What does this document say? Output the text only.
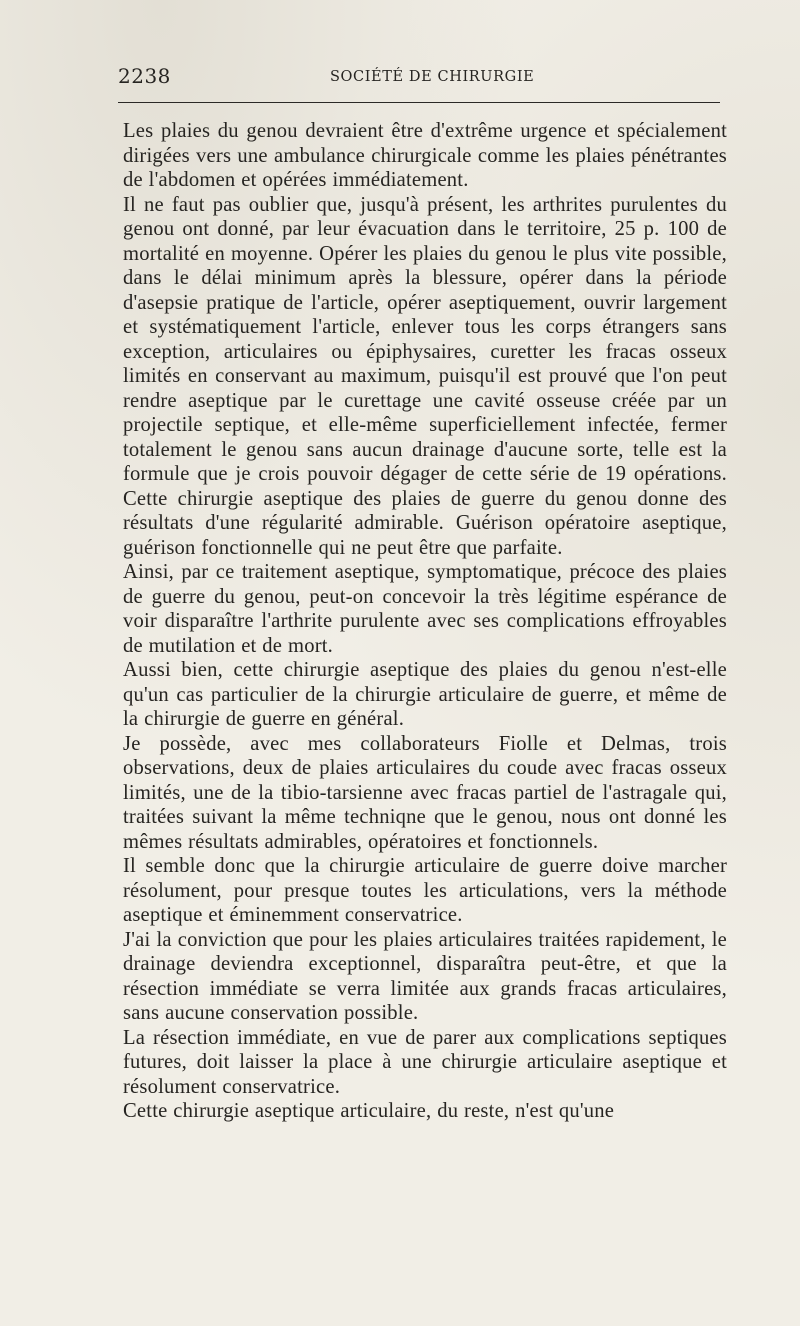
2238	SOCIÉTÉ DE CHIRURGIE

Les plaies du genou devraient être d'extrême urgence et spécialement dirigées vers une ambulance chirurgicale comme les plaies pénétrantes de l'abdomen et opérées immédiatement.

Il ne faut pas oublier que, jusqu'à présent, les arthrites purulentes du genou ont donné, par leur évacuation dans le territoire, 25 p. 100 de mortalité en moyenne. Opérer les plaies du genou le plus vite possible, dans le délai minimum après la blessure, opérer dans la période d'asepsie pratique de l'article, opérer aseptiquement, ouvrir largement et systématiquement l'article, enlever tous les corps étrangers sans exception, articulaires ou épiphysaires, curetter les fracas osseux limités en conservant au maximum, puisqu'il est prouvé que l'on peut rendre aseptique par le curettage une cavité osseuse créée par un projectile septique, et elle-même superficiellement infectée, fermer totalement le genou sans aucun drainage d'aucune sorte, telle est la formule que je crois pouvoir dégager de cette série de 19 opérations. Cette chirurgie aseptique des plaies de guerre du genou donne des résultats d'une régularité admirable. Guérison opératoire aseptique, guérison fonctionnelle qui ne peut être que parfaite.

Ainsi, par ce traitement aseptique, symptomatique, précoce des plaies de guerre du genou, peut-on concevoir la très légitime espérance de voir disparaître l'arthrite purulente avec ses complications effroyables de mutilation et de mort.

Aussi bien, cette chirurgie aseptique des plaies du genou n'est-elle qu'un cas particulier de la chirurgie articulaire de guerre, et même de la chirurgie de guerre en général.

Je possède, avec mes collaborateurs Fiolle et Delmas, trois observations, deux de plaies articulaires du coude avec fracas osseux limités, une de la tibio-tarsienne avec fracas partiel de l'astragale qui, traitées suivant la même techniqne que le genou, nous ont donné les mêmes résultats admirables, opératoires et fonctionnels.

Il semble donc que la chirurgie articulaire de guerre doive marcher résolument, pour presque toutes les articulations, vers la méthode aseptique et éminemment conservatrice.

J'ai la conviction que pour les plaies articulaires traitées rapidement, le drainage deviendra exceptionnel, disparaîtra peut-être, et que la résection immédiate se verra limitée aux grands fracas articulaires, sans aucune conservation possible.

La résection immédiate, en vue de parer aux complications septiques futures, doit laisser la place à une chirurgie articulaire aseptique et résolument conservatrice.

Cette chirurgie aseptique articulaire, du reste, n'est qu'une
